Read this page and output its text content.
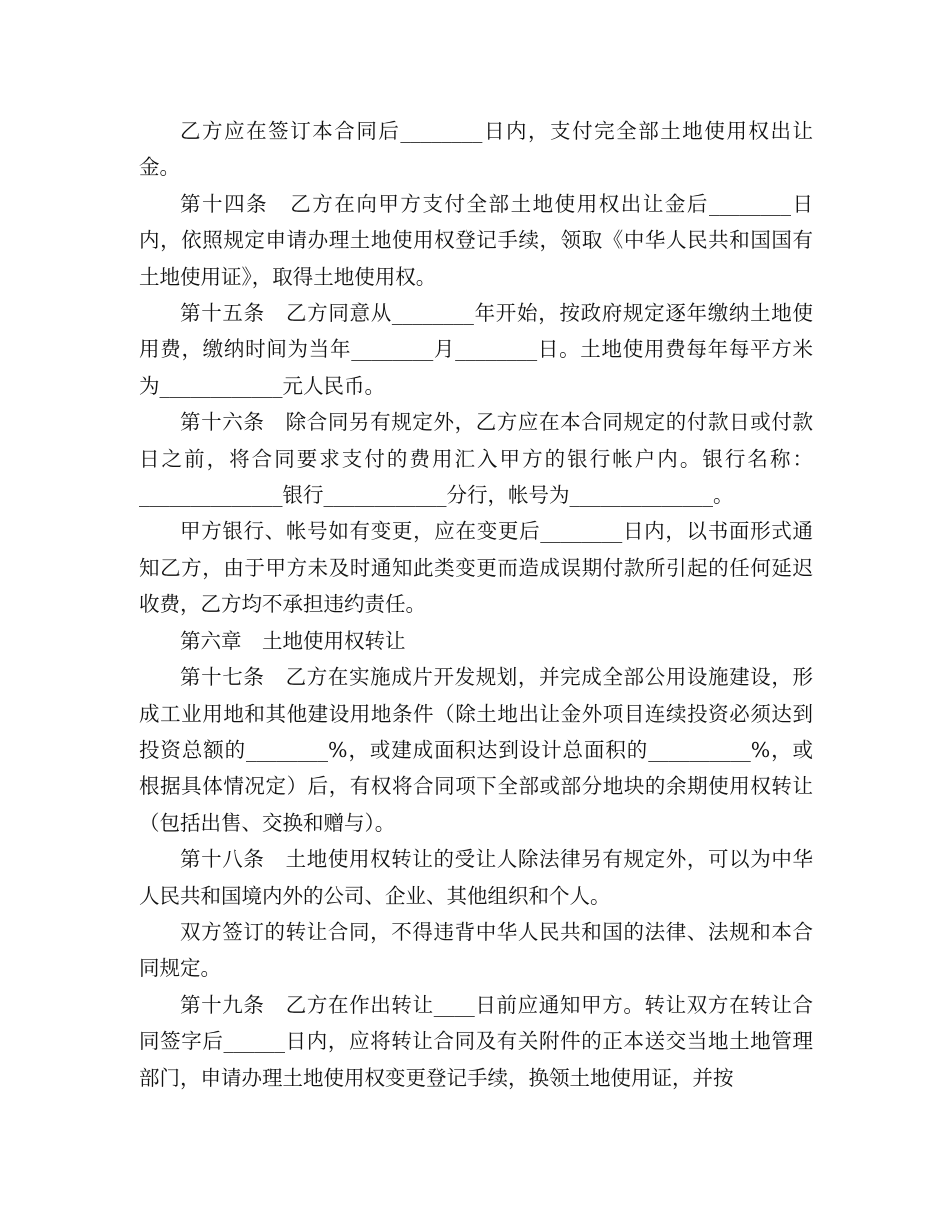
乙方应在签订本合同后________日内，支付完全部土地使用权出让金。

第十四条　乙方在向甲方支付全部土地使用权出让金后________日内，依照规定申请办理土地使用权登记手续，领取《中华人民共和国国有土地使用证》，取得土地使用权。

第十五条　乙方同意从________年开始，按政府规定逐年缴纳土地使用费，缴纳时间为当年________月________日。土地使用费每年每平方米为____________元人民币。

第十六条　除合同另有规定外，乙方应在本合同规定的付款日或付款日之前，将合同要求支付的费用汇入甲方的银行帐户内。银行名称：______________银行____________分行，帐号为______________。

甲方银行、帐号如有变更，应在变更后________日内，以书面形式通知乙方，由于甲方未及时通知此类变更而造成误期付款所引起的任何延迟收费，乙方均不承担违约责任。

第六章　土地使用权转让

第十七条　乙方在实施成片开发规划，并完成全部公用设施建设，形成工业用地和其他建设用地条件（除土地出让金外项目连续投资必须达到投资总额的________%，或建成面积达到设计总面积的__________%，或根据具体情况定）后，有权将合同项下全部或部分地块的余期使用权转让（包括出售、交换和赠与）。

第十八条　土地使用权转让的受让人除法律另有规定外，可以为中华人民共和国境内外的公司、企业、其他组织和个人。

双方签订的转让合同，不得违背中华人民共和国的法律、法规和本合同规定。

第十九条　乙方在作出转让____日前应通知甲方。转让双方在转让合同签字后______日内，应将转让合同及有关附件的正本送交当地土地管理部门，申请办理土地使用权变更登记手续，换领土地使用证，并按
